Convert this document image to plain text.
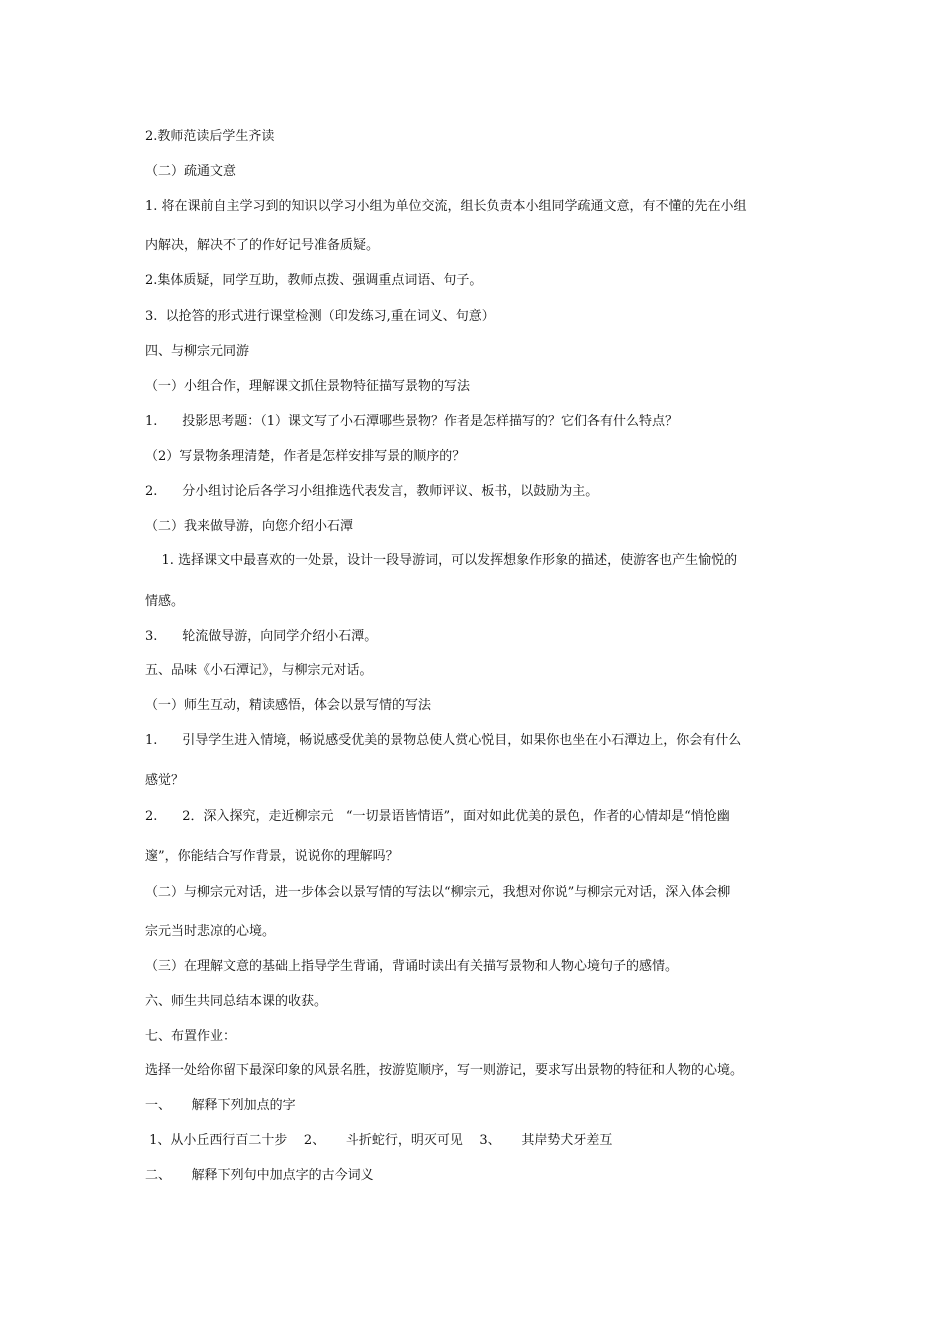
2.教师范读后学生齐读
（二）疏通文意
1. 将在课前自主学习到的知识以学习小组为单位交流，组长负责本小组同学疏通文意，有不懂的先在小组
内解决，解决不了的作好记号准备质疑。
2.集体质疑，同学互助，教师点拨、强调重点词语、句子。
3.  以抢答的形式进行课堂检测（印发练习,重在词义、句意）
四、与柳宗元同游
（一）小组合作，理解课文抓住景物特征描写景物的写法
1.      投影思考题：（1）课文写了小石潭哪些景物？作者是怎样描写的？它们各有什么特点？
（2）写景物条理清楚，作者是怎样安排写景的顺序的？
2.      分小组讨论后各学习小组推选代表发言，教师评议、板书，以鼓励为主。
（二）我来做导游，向您介绍小石潭
1. 选择课文中最喜欢的一处景，设计一段导游词，可以发挥想象作形象的描述，使游客也产生愉悦的
情感。
3.      轮流做导游，向同学介绍小石潭。
五、品味《小石潭记》，与柳宗元对话。
（一）师生互动，精读感悟，体会以景写情的写法
1.      引导学生进入情境，畅说感受优美的景物总使人赏心悦目，如果你也坐在小石潭边上，你会有什么
感觉？
2.      2．深入探究，走近柳宗元   “一切景语皆情语”，面对如此优美的景色，作者的心情却是“悄怆幽
邃”，你能结合写作背景，说说你的理解吗？
（二）与柳宗元对话，进一步体会以景写情的写法以“柳宗元，我想对你说”与柳宗元对话，深入体会柳
宗元当时悲凉的心境。
（三）在理解文意的基础上指导学生背诵，背诵时读出有关描写景物和人物心境句子的感情。
六、师生共同总结本课的收获。
七、布置作业：
选择一处给你留下最深印象的风景名胜，按游览顺序，写一则游记，要求写出景物的特征和人物的心境。
一、     解释下列加点的字
1、从小丘西行百二十步    2、     斗折蛇行，明灭可见    3、     其岸势犬牙差互
二、     解释下列句中加点字的古今词义
